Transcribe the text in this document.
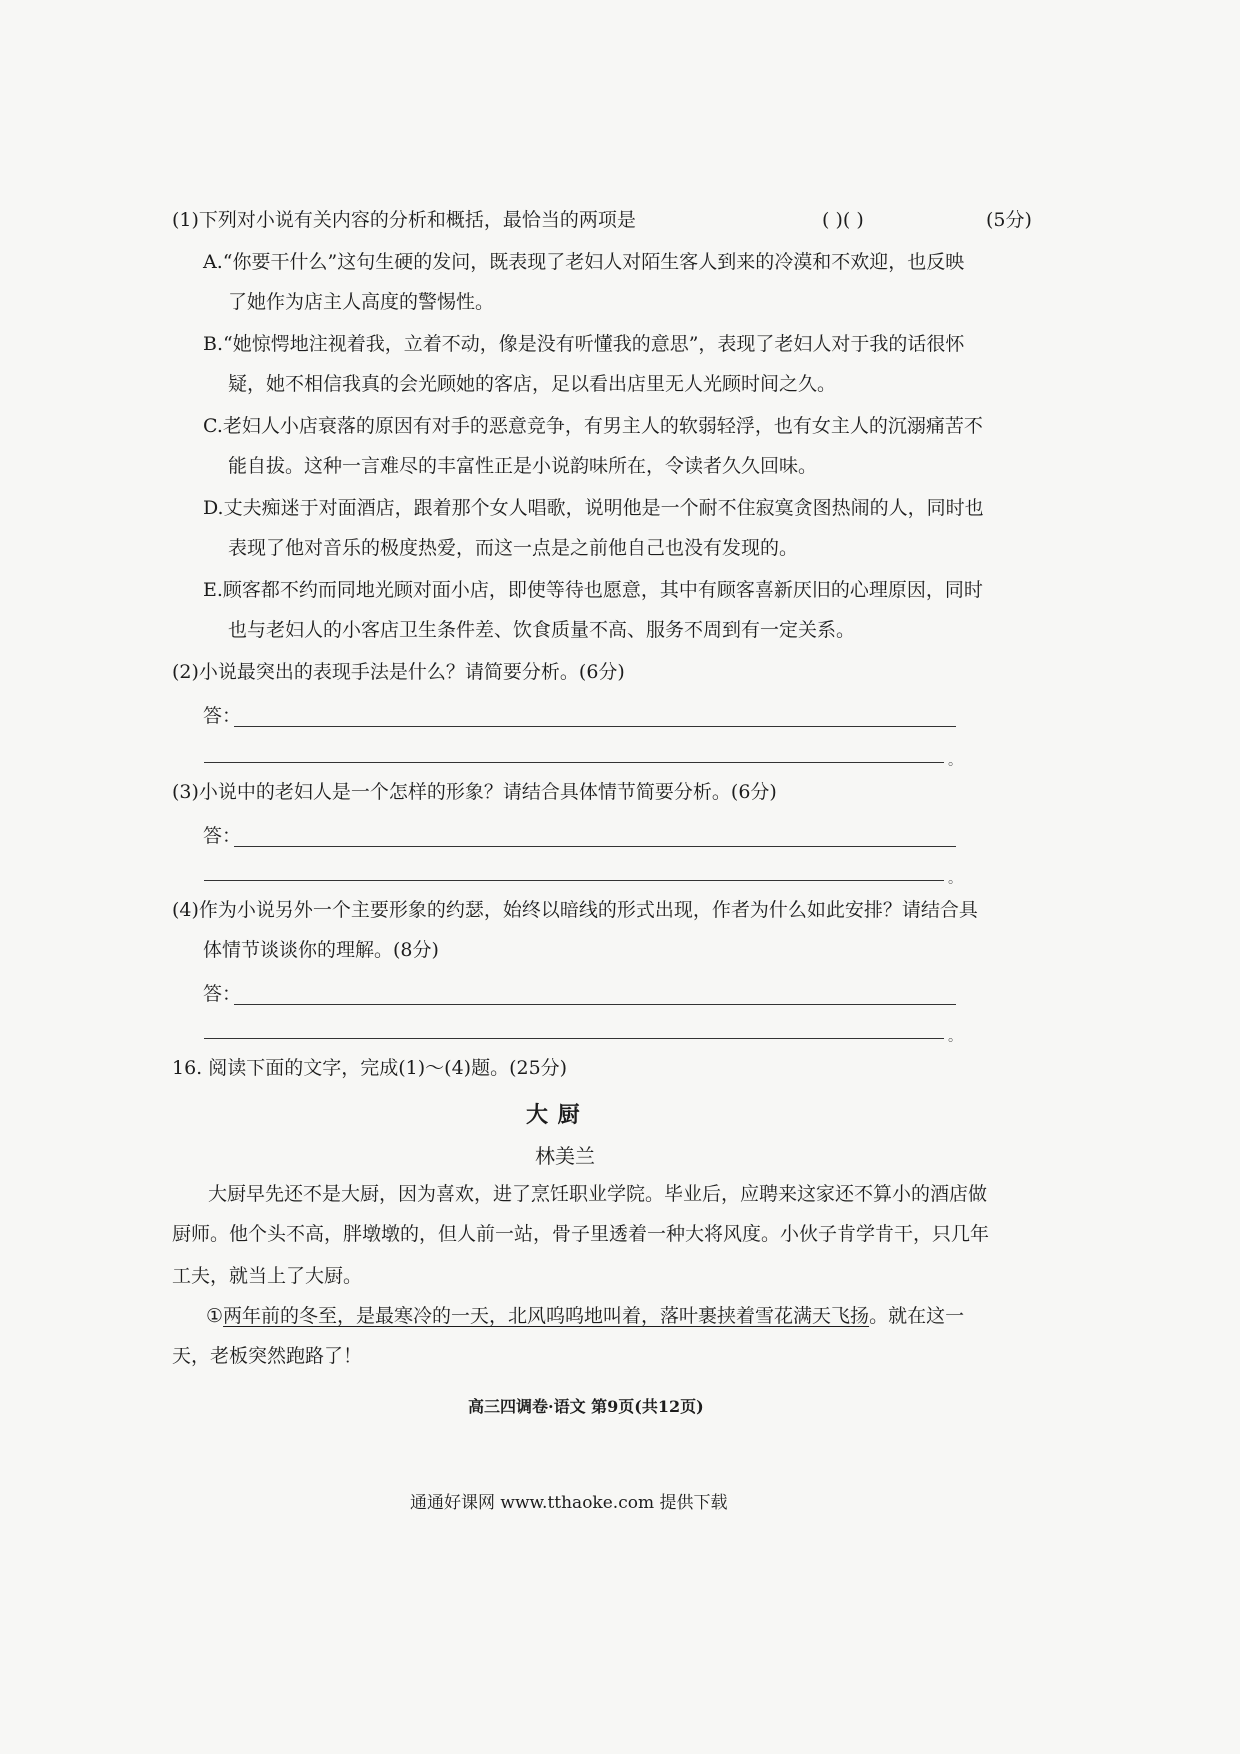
(1)下列对小说有关内容的分析和概括，最恰当的两项是	( )( )	(5分)
A.“你要干什么”这句生硬的发问，既表现了老妇人对陌生客人到来的冷漠和不欢迎，也反映
了她作为店主人高度的警惕性。
B.“她惊愕地注视着我，立着不动，像是没有听懂我的意思”，表现了老妇人对于我的话很怀
疑，她不相信我真的会光顾她的客店，足以看出店里无人光顾时间之久。
C.老妇人小店衰落的原因有对手的恶意竞争，有男主人的软弱轻浮，也有女主人的沉溺痛苦不
能自拔。这种一言难尽的丰富性正是小说韵味所在，令读者久久回味。
D.丈夫痴迷于对面酒店，跟着那个女人唱歌，说明他是一个耐不住寂寞贪图热闹的人，同时也
表现了他对音乐的极度热爱，而这一点是之前他自己也没有发现的。
E.顾客都不约而同地光顾对面小店，即使等待也愿意，其中有顾客喜新厌旧的心理原因，同时
也与老妇人的小客店卫生条件差、饮食质量不高、服务不周到有一定关系。
(2)小说最突出的表现手法是什么？请简要分析。(6分)
答：
。
(3)小说中的老妇人是一个怎样的形象？请结合具体情节简要分析。(6分)
答：
。
(4)作为小说另外一个主要形象的约瑟，始终以暗线的形式出现，作者为什么如此安排？请结合具
体情节谈谈你的理解。(8分)
答：
。
16. 阅读下面的文字，完成(1)～(4)题。(25分)
大 厨
林美兰
大厨早先还不是大厨，因为喜欢，进了烹饪职业学院。毕业后，应聘来这家还不算小的酒店做
厨师。他个头不高，胖墩墩的，但人前一站，骨子里透着一种大将风度。小伙子肯学肯干，只几年
工夫，就当上了大厨。
①两年前的冬至，是最寒冷的一天，北风呜呜地叫着，落叶裹挟着雪花满天飞扬。就在这一
天，老板突然跑路了！
高三四调卷·语文 第9页(共12页)
通通好课网 www.tthaoke.com 提供下载
